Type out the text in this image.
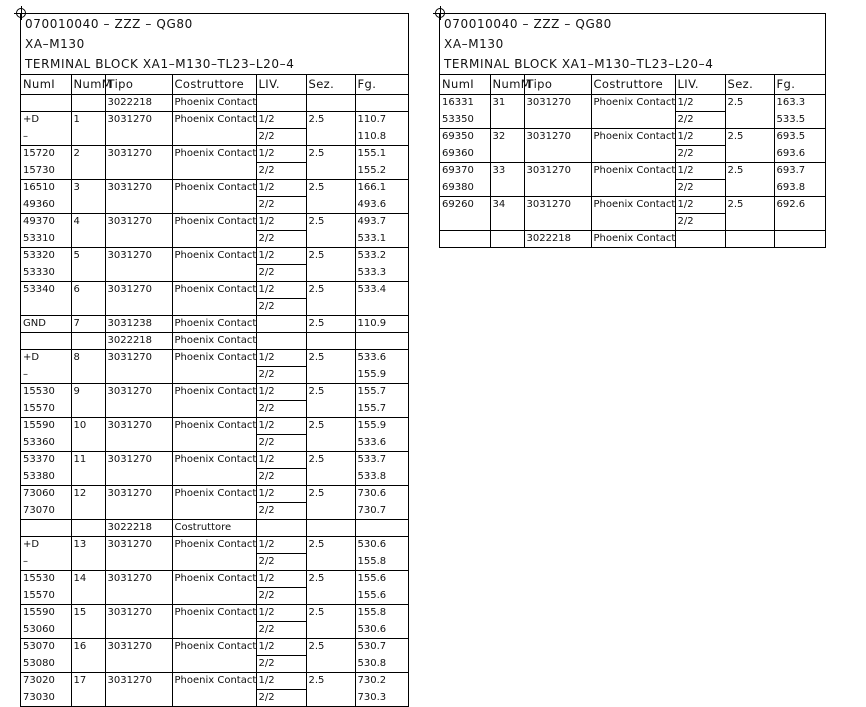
070010040 – ZZZ – QG80
XA–M130
TERMINAL BLOCK XA1–M130–TL23–L20–4
NumI	NumM	Tipo	Costruttore	LIV.	Sez.	Fg.
		3022218	Phoenix Contact			
+D	1	3031270	Phoenix Contact	1/2	2.5	110.7
–				2/2		110.8
15720	2	3031270	Phoenix Contact	1/2	2.5	155.1
15730				2/2		155.2
16510	3	3031270	Phoenix Contact	1/2	2.5	166.1
49360				2/2		493.6
49370	4	3031270	Phoenix Contact	1/2	2.5	493.7
53310				2/2		533.1
53320	5	3031270	Phoenix Contact	1/2	2.5	533.2
53330				2/2		533.3
53340	6	3031270	Phoenix Contact	1/2	2.5	533.4
				2/2		
GND	7	3031238	Phoenix Contact		2.5	110.9
		3022218	Phoenix Contact			
+D	8	3031270	Phoenix Contact	1/2	2.5	533.6
–				2/2		155.9
15530	9	3031270	Phoenix Contact	1/2	2.5	155.7
15570				2/2		155.7
15590	10	3031270	Phoenix Contact	1/2	2.5	155.9
53360				2/2		533.6
53370	11	3031270	Phoenix Contact	1/2	2.5	533.7
53380				2/2		533.8
73060	12	3031270	Phoenix Contact	1/2	2.5	730.6
73070				2/2		730.7
		3022218	Costruttore			
+D	13	3031270	Phoenix Contact	1/2	2.5	530.6
–				2/2		155.8
15530	14	3031270	Phoenix Contact	1/2	2.5	155.6
15570				2/2		155.6
15590	15	3031270	Phoenix Contact	1/2	2.5	155.8
53060				2/2		530.6
53070	16	3031270	Phoenix Contact	1/2	2.5	530.7
53080				2/2		530.8
73020	17	3031270	Phoenix Contact	1/2	2.5	730.2
73030				2/2		730.3
070010040 – ZZZ – QG80
XA–M130
TERMINAL BLOCK XA1–M130–TL23–L20–4
NumI	NumM	Tipo	Costruttore	LIV.	Sez.	Fg.
16331	31	3031270	Phoenix Contact	1/2	2.5	163.3
53350				2/2		533.5
69350	32	3031270	Phoenix Contact	1/2	2.5	693.5
69360				2/2		693.6
69370	33	3031270	Phoenix Contact	1/2	2.5	693.7
69380				2/2		693.8
69260	34	3031270	Phoenix Contact	1/2	2.5	692.6
				2/2		
		3022218	Phoenix Contact			
